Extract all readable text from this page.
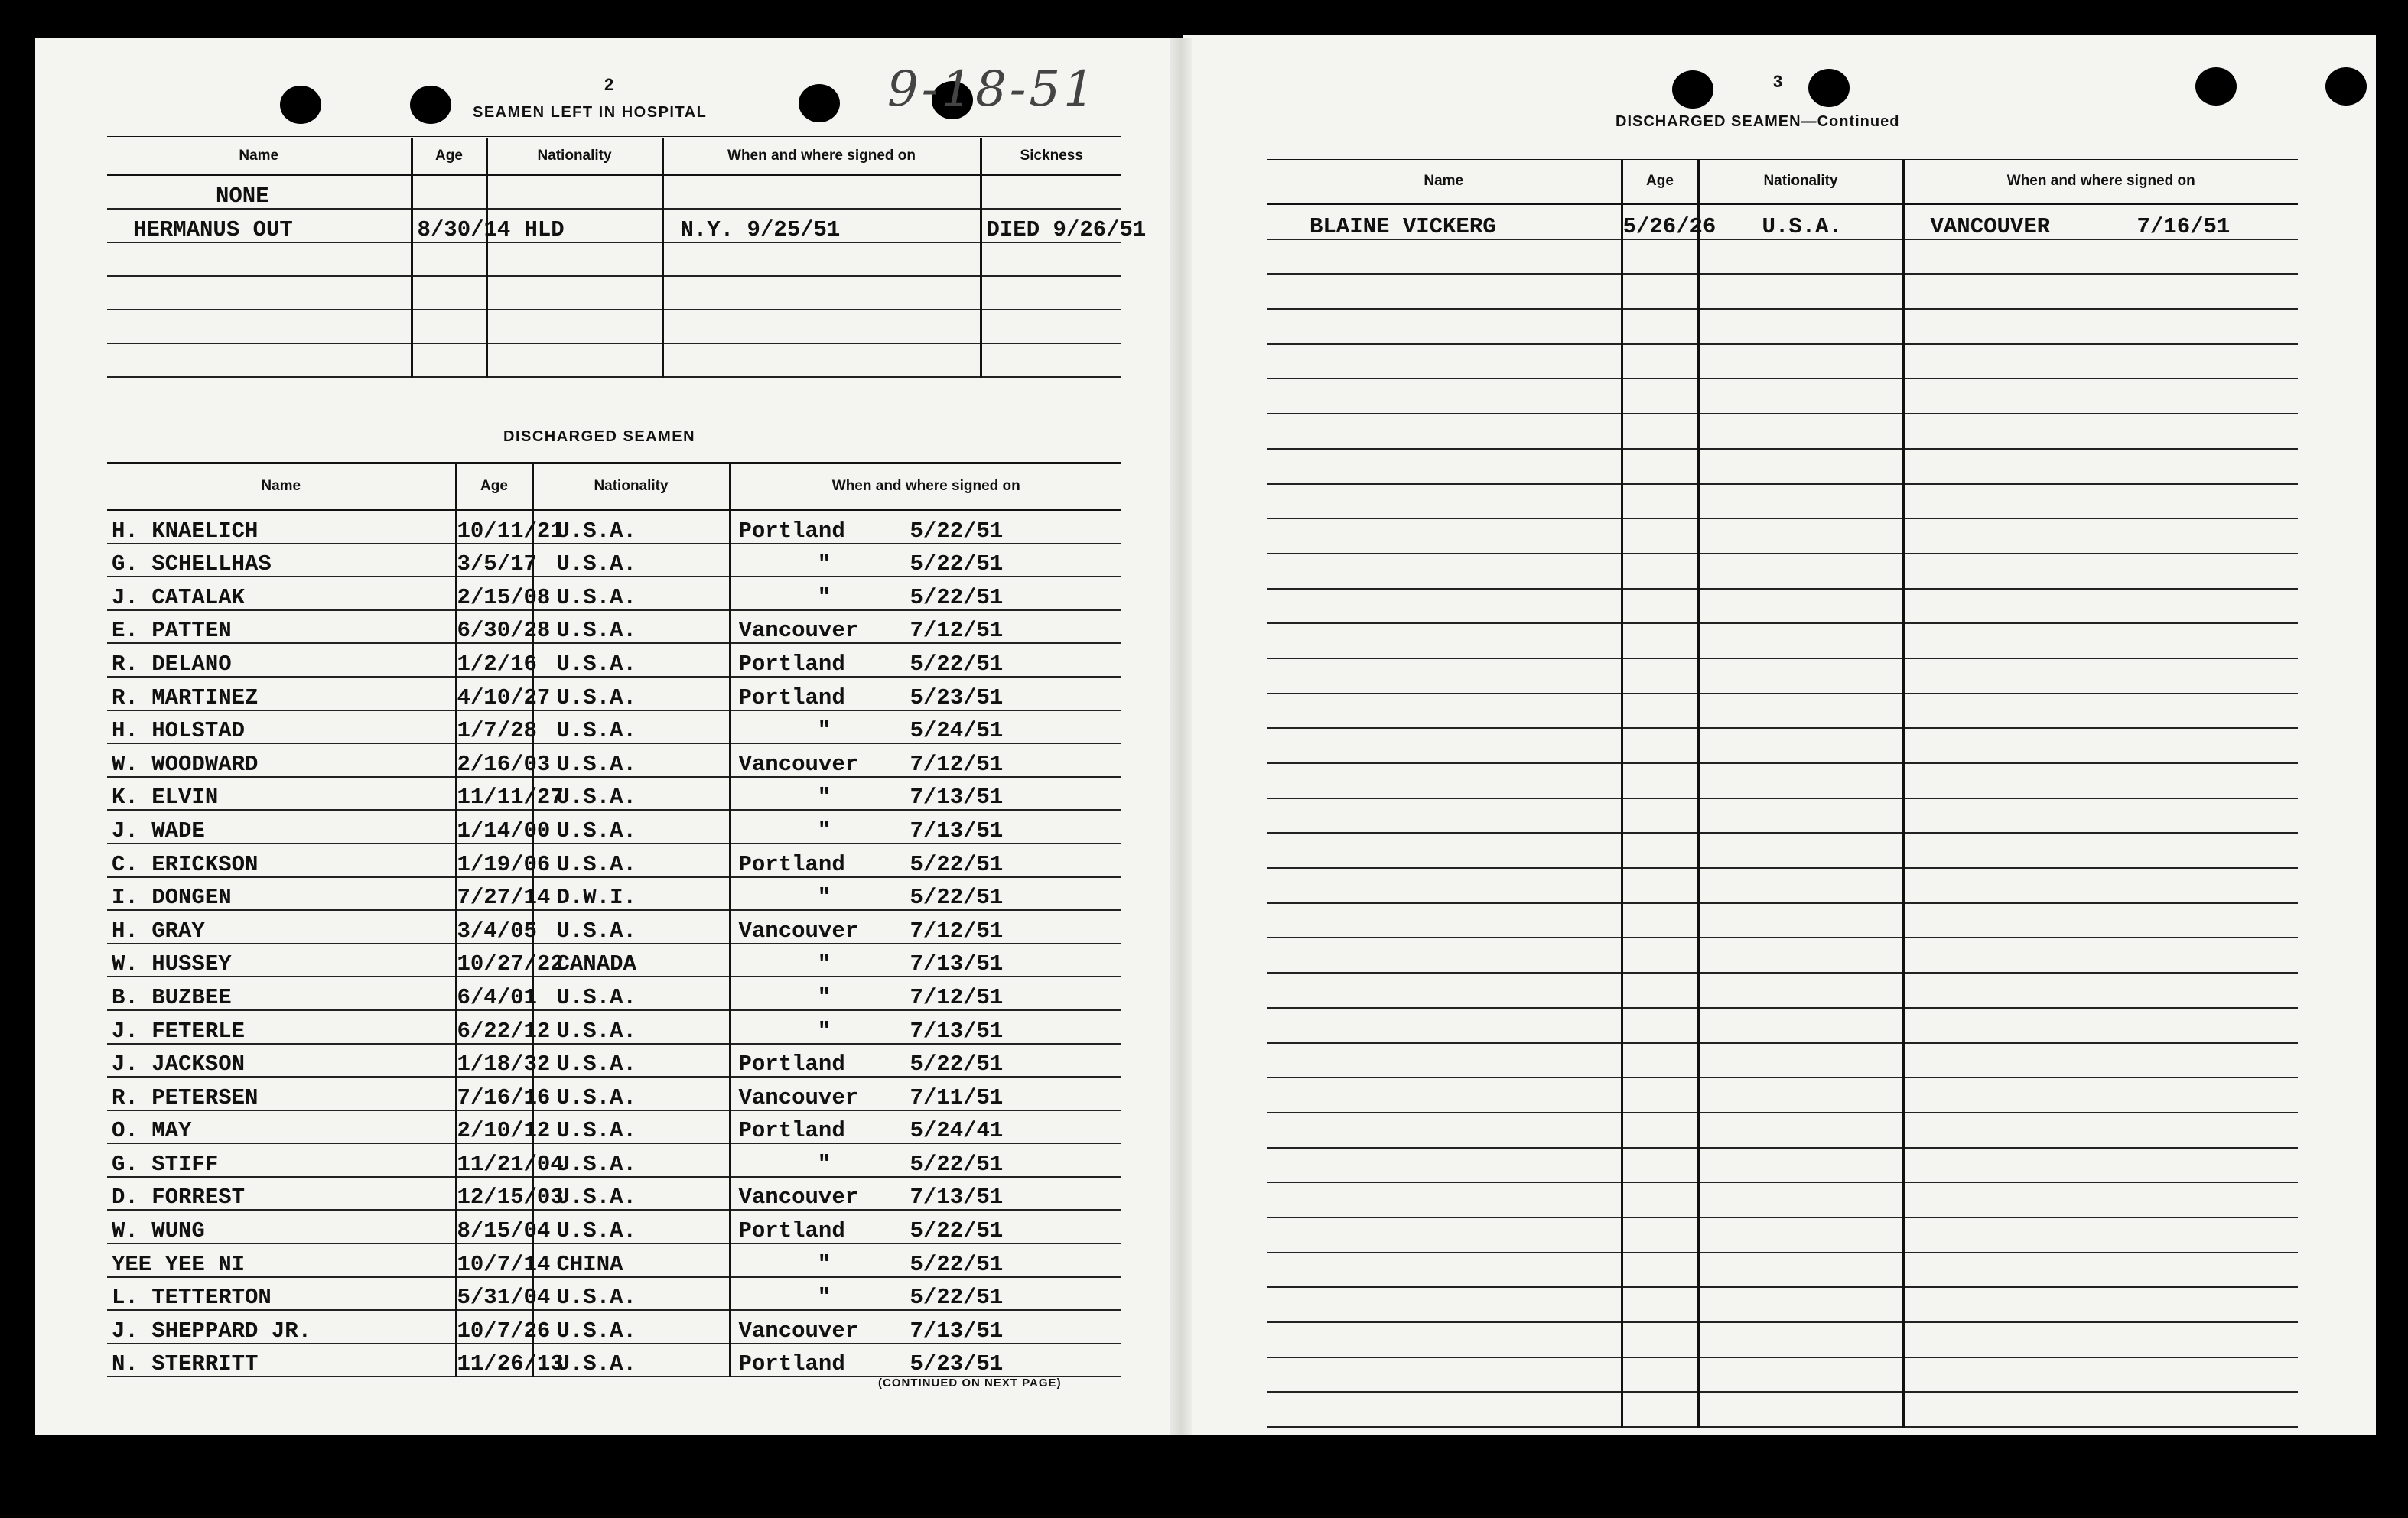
2
SEAMEN LEFT IN HOSPITAL	9-18-51
Name	Age	Nationality	When and where signed on	Sickness
NONE				
HERMANUS OUT	8/30/14	HLD	N.Y. 9/25/51	DIED 9/26/51

DISCHARGED SEAMEN
Name	Age	Nationality	When and where signed on
H. KNAELICH	10/11/21	U.S.A.	Portland 5/22/51
G. SCHELLHAS	3/5/17	U.S.A.	" 5/22/51
J. CATALAK	2/15/08	U.S.A.	" 5/22/51
E. PATTEN	6/30/28	U.S.A.	Vancouver 7/12/51
R. DELANO	1/2/16	U.S.A.	Portland 5/22/51
R. MARTINEZ	4/10/27	U.S.A.	Portland 5/23/51
H. HOLSTAD	1/7/28	U.S.A.	" 5/24/51
W. WOODWARD	2/16/03	U.S.A.	Vancouver 7/12/51
K. ELVIN	11/11/27	U.S.A.	" 7/13/51
J. WADE	1/14/00	U.S.A.	" 7/13/51
C. ERICKSON	1/19/06	U.S.A.	Portland 5/22/51
I. DONGEN	7/27/14	D.W.I.	" 5/22/51
H. GRAY	3/4/05	U.S.A.	Vancouver 7/12/51
W. HUSSEY	10/27/22	CANADA	" 7/13/51
B. BUZBEE	6/4/01	U.S.A.	" 7/12/51
J. FETERLE	6/22/12	U.S.A.	" 7/13/51
J. JACKSON	1/18/32	U.S.A.	Portland 5/22/51
R. PETERSEN	7/16/16	U.S.A.	Vancouver 7/11/51
O. MAY	2/10/12	U.S.A.	Portland 5/24/41
G. STIFF	11/21/04	U.S.A.	" 5/22/51
D. FORREST	12/15/03	U.S.A.	Vancouver 7/13/51
W. WUNG	8/15/04	U.S.A.	Portland 5/22/51
YEE YEE NI	10/7/14	CHINA	" 5/22/51
L. TETTERTON	5/31/04	U.S.A.	" 5/22/51
J. SHEPPARD JR.	10/7/26	U.S.A.	Vancouver 7/13/51
N. STERRITT	11/26/13	U.S.A.	Portland 5/23/51
(CONTINUED ON NEXT PAGE)
3
DISCHARGED SEAMEN—Continued
Name	Age	Nationality	When and where signed on
BLAINE VICKERG	5/26/26	U.S.A.	VANCOUVER 7/16/51
